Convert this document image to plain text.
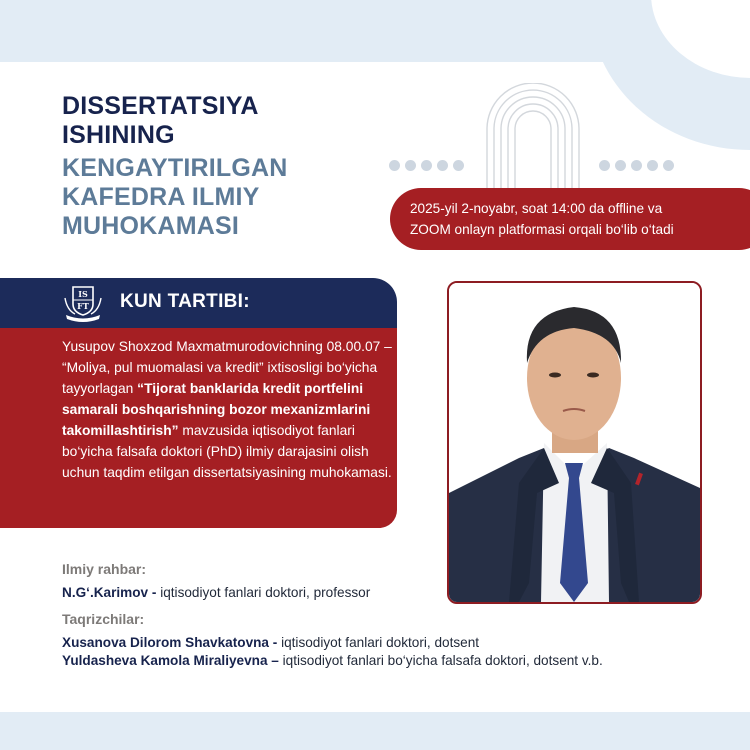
DISSERTATSIYA
ISHINING
KENGAYTIRILGAN
KAFEDRA ILMIY
MUHOKAMASI
2025-yil 2-noyabr, soat 14:00 da offline va
ZOOM onlayn platformasi orqali bo‘lib o‘tadi
IS
FT KUN TARTIBI:
Yusupov Shoxzod Maxmatmurodovichning 08.00.07 – “Moliya, pul muomalasi va kredit” ixtisosligi bo‘yicha tayyorlagan “Tijorat banklarida kredit portfelini samarali boshqarishning bozor mexanizmlarini takomillashtirish” mavzusida iqtisodiyot fanlari bo‘yicha falsafa doktori (PhD) ilmiy darajasini olish uchun taqdim etilgan dissertatsiyasining muhokamasi.
Ilmiy rahbar:
N.G‘.Karimov - iqtisodiyot fanlari doktori, professor
Taqrizchilar:
Xusanova Dilorom Shavkatovna - iqtisodiyot fanlari doktori, dotsent
Yuldasheva Kamola Miraliyevna – iqtisodiyot fanlari bo‘yicha falsafa doktori, dotsent v.b.
